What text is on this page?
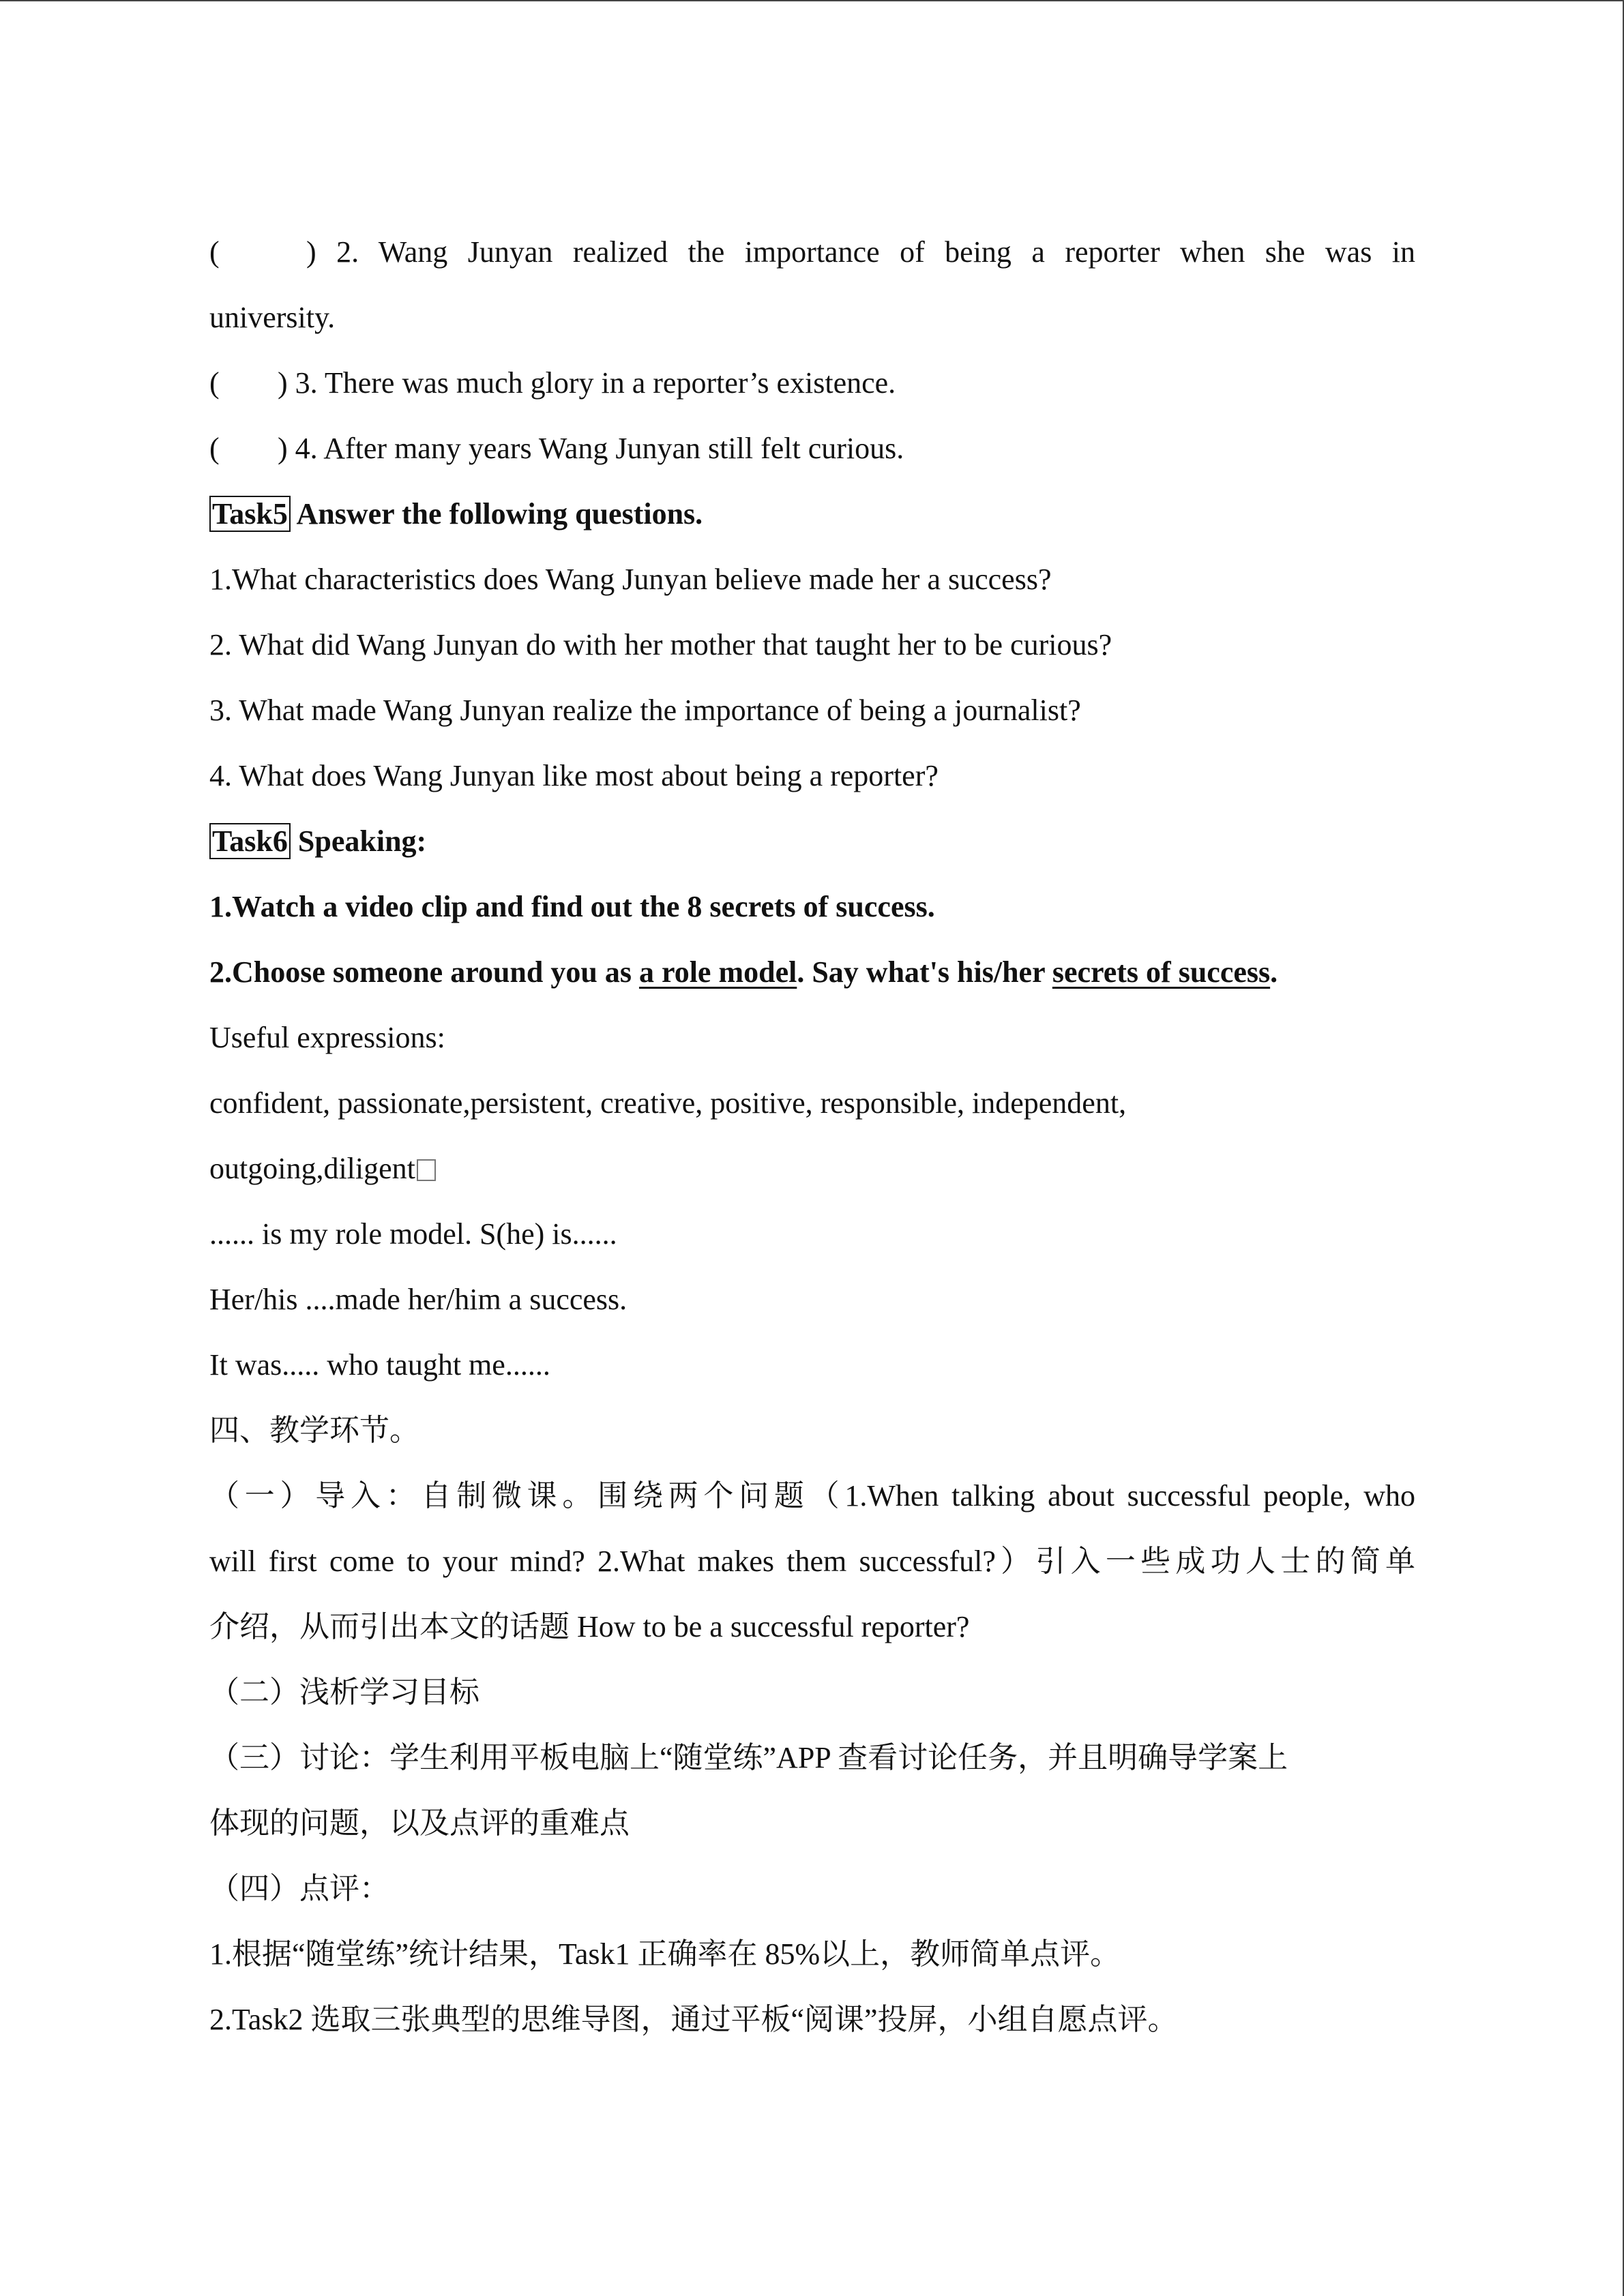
(	) 2. Wang Junyan realized the importance of being a reporter when she was in
university.
( ) 3. There was much glory in a reporter’s existence.
( ) 4. After many years Wang Junyan still felt curious.
Task5 Answer the following questions.
1.What characteristics does Wang Junyan believe made her a success?
2. What did Wang Junyan do with her mother that taught her to be curious?
3. What made Wang Junyan realize the importance of being a journalist?
4. What does Wang Junyan like most about being a reporter?
Task6 Speaking:
1.Watch a video clip and find out the 8 secrets of success.
2.Choose someone around you as a role model. Say what's his/her secrets of success.
Useful expressions:
confident, passionate,persistent, creative, positive, responsible, independent,
outgoing,diligent
...... is my role model. S(he) is......
Her/his ....made her/him a success.
It was..... who taught me......
四、教学环节。
（一）导入：自制微课。围绕两个问题（1.When talking about successful people, who
will first come to your mind? 2.What makes them successful?）引入一些成功人士的简单
介绍，从而引出本文的话题 How to be a successful reporter?
（二）浅析学习目标
（三）讨论：学生利用平板电脑上“随堂练”APP 查看讨论任务，并且明确导学案上
体现的问题，以及点评的重难点
（四）点评：
1.根据“随堂练”统计结果，Task1 正确率在 85%以上，教师简单点评。
2.Task2 选取三张典型的思维导图，通过平板“阅课”投屏，小组自愿点评。
